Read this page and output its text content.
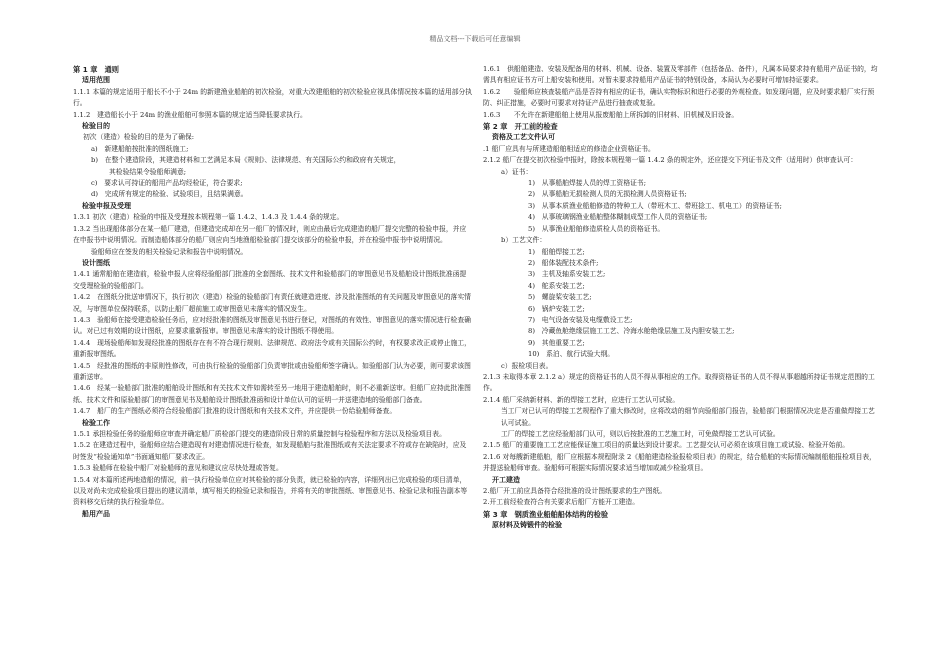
精品文档---下载后可任意编辑

第 1 章　通则

适用范围

1.1.1 本篇的规定适用于船长不小于 24m 的新建渔业船舶的初次检验，对重大改建船舶的初次检验应视具体情况按本篇的适用部分执行。

1.1.2　建造船长小于 24m 的渔业船舶可参照本篇的规定适当降低要求执行。

检验目的

初次（建造）检验的目的是为了确保:

a)　新建船舶按批准的图纸施工;

b)　在整个建造阶段，其建造材料和工艺满足本局《规则》、法律规范、有关国际公约和政府有关规定，

其检验结果令验船师满意;

c)　要求认可持证的船用产品均经检证，符合要求;

d)　完成所有规定的检验、试验项目，且结果满意。

检验申报及受理

1.3.1 初次（建造）检验的申报及受理按本规程第一篇 1.4.2、1.4.3 及 1.4.4 条的规定。

1.3.2 当出现船体部分在某一船厂建造，但建造完成却在另一船厂的情况时，则应由最后完成建造的船厂提交完整的检验申报，并应在申报书中说明情况。而制造船体部分的船厂则应向当地渔船检验部门提交该部分的检验申报，并在检验申报书中说明情况。

验船师应在签发的相关检验记录和报告中说明情况。

设计图纸

1.4.1 通常船舶在建造前，检验申报人应将经验船部门批准的全套图纸、技术文件和验船部门的审图意见书及船舶设计图纸批准函提交受理检验的验船部门。

1.4.2　在图纸分批送审情况下，执行初次（建造）检验的验船部门有责任就建造进度、涉及批准图纸的有关问题及审图意见的落实情况，与审图单位保持联系，以防止船厂超前施工或审图意见未落实的情况发生。

1.4.3　验船师在接受建造检验任务后，应对经批准的图纸及审图意见书进行登记，对图纸的有效性、审图意见的落实情况进行检查确认。对已过有效期的设计图纸，应要求重新报审。审图意见未落实的设计图纸不得使用。

1.4.4　现场验船师如发现经批准的图纸存在有不符合现行规则、法律规范、政府法令或有关国际公约时，有权要求改正或停止施工，重新报审图纸。

1.4.5　经批准的图纸的非原则性修改，可由执行检验的验船部门负责审批或由验船师签字确认。如验船部门认为必要，则可要求该图重新送审。

1.4.6　经某一验船部门批准的船舶设计图纸和有关技术文件如需转至另一地用于建造船舶时，则不必重新送审。但船厂应持此批准图纸、技术文件和原验船部门的审图意见书及船舶设计图纸批准函和设计单位认可的证明一并送建造地的验船部门备查。

1.4.7　船厂的生产图纸必须符合经验船部门批准的设计图纸和有关技术文件，并应提供一份给验船师备查。

检验工作

1.5.1 承担检验任务的验船师应审查并确定船厂质检部门提交的建造阶段日常的质量控制与检验程序和方法以及检验项目表。

1.5.2 在建造过程中，验船师应结合建造现有对建造情况进行检查，如发现船舶与批准图纸或有关法定要求不符或存在缺陷时，应及时签发“检验通知单”书面通知船厂要求改正。

1.5.3 验船师在检验中船厂对验船师的意见和建议应尽快处理或答复。

1.5.4 对本篇所述两地造船的情况，前一执行检验单位应对其检验的部分负责，就已检验的内容，详细列出已完成检验的项目清单，以及对尚未完成检验项目提出的建议清单，填写相关的检验记录和报告，并将有关的审批图纸、审图意见书、检验记录和报告副本等资料移交后续的执行检验单位。

船用产品

1.6.1　供船舶建造、安装及配备用的材料、机械、设备、装置及零部件（包括备品、备件），凡属本局要求持有船用产品证书的，均需具有相应证书方可上船安装和使用。对暂未要求持船用产品证书的特别设备，本局认为必要时可增加持证要求。

1.6.2　　验船师应核查装船产品是否持有相应的证书，确认实物标识和进行必要的外观检查。如发现问题，应及时要求船厂实行预防、纠正措施，必要时可要求对持证产品进行抽查或复验。

1.6.3　　不允许在新建船舶上使用从报废船舶上所拆卸的旧材料、旧机械及旧设备。

第 2 章　开工前的检查

资格及工艺文件认可

.1 船厂应具有与所建造船舶相适应的修造企业资格证书。

2.1.2 船厂在提交初次检验申报时，除按本规程第一篇 1.4.2 条的规定外，还应提交下列证书及文件（适用时）供审查认可：

a）证书：

1)　从事船舶焊接人员的焊工资格证书;

2)　从事船舶无损检测人员的无损检测人员资格证书;

3)　从事本质渔业船舶修造的特种工人（带班木工、带班捻工、机电工）的资格证书;

4)　从事玻璃钢渔业船舶整体糊制成型工作人员的资格证书;

5)　从事渔业船舶修造质检人员的资格证书。

b）工艺文件：

1)　船舶焊接工艺;

2)　船体装配技术条件;

3)　主机及轴系安装工艺;

4)　舵系安装工艺;

5)　螺旋桨安装工艺;

6)　锅炉安装工艺;

7)　电气设备安装及电缆敷设工艺;

8)　冷藏鱼舱绝缘层施工工艺、冷海水舱绝缘层施工及内胆安装工艺;

9)　其他重要工艺;

10)　系泊、航行试验大纲。

c）报检项目表。

2.1.3 未取得本章 2.1.2 a）规定的资格证书的人员不得从事相应的工作。取得资格证书的人员不得从事超越所持证书规定范围的工作。

2.1.4 船厂采纳新材料、新的焊接工艺时，应进行工艺认可试验。

当工厂对已认可的焊接工艺规程作了重大修改时，应将改动的细节向验船部门报告，验船部门根据情况决定是否重做焊接工艺认可试验。

工厂的焊接工艺应经验船部门认可，则以后按批准的工艺施工时，可免做焊接工艺认可试验。

2.1.5 船厂的重要施工工艺应能保证施工项目的质量达到设计要求。工艺提交认可必须在该项目施工或试验、检验开始前。

2.1.6 对每艘新建船舶，船厂应根据本规程附录 2《船舶建造检验报检项目表》的规定，结合船舶的实际情况编制船舶报检项目表，并提送验船师审查。验船师可根据实际情况要求适当增加或减少检验项目。

开工建造

2.船厂开工前应具备符合经批准的设计图纸要求的生产图纸。

2.开工前经检查符合有关要求后船厂方能开工建造。

第 3 章　钢质渔业船舶船体结构的检验

原材料及铸锻件的检验
